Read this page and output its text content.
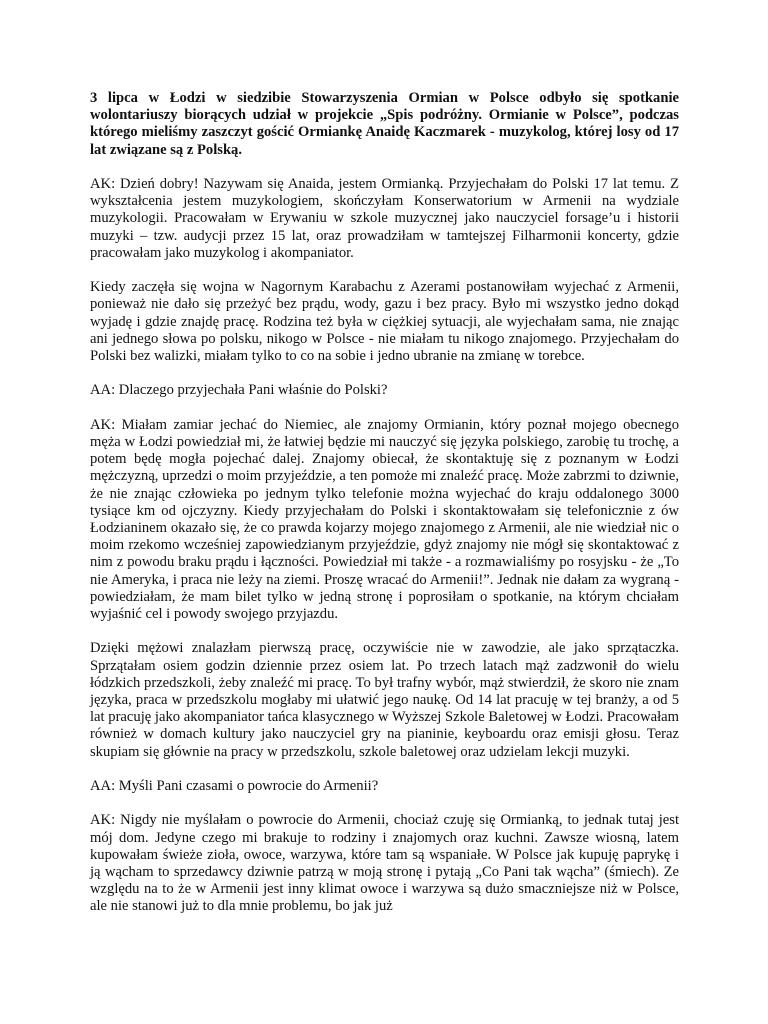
3 lipca w Łodzi w siedzibie Stowarzyszenia Ormian w Polsce odbyło się spotkanie wolontariuszy biorących udział w projekcie „Spis podróżny. Ormianie w Polsce”, podczas którego mieliśmy zaszczyt gościć Ormiankę Anaidę Kaczmarek - muzykolog, której losy od 17 lat związane są z Polską.

AK: Dzień dobry! Nazywam się Anaida, jestem Ormianką. Przyjechałam do Polski 17 lat temu. Z wykształcenia jestem muzykologiem, skończyłam Konserwatorium w Armenii na wydziale muzykologii. Pracowałam w Erywaniu w szkole muzycznej jako nauczyciel forsage’u i historii muzyki – tzw. audycji przez 15 lat, oraz prowadziłam w tamtejszej Filharmonii koncerty, gdzie pracowałam jako muzykolog i akompaniator.

Kiedy zaczęła się wojna w Nagornym Karabachu z Azerami postanowiłam wyjechać z Armenii, ponieważ nie dało się przeżyć bez prądu, wody, gazu i bez pracy. Było mi wszystko jedno dokąd wyjadę i gdzie znajdę pracę. Rodzina też była w ciężkiej sytuacji, ale wyjechałam sama, nie znając ani jednego słowa po polsku, nikogo w Polsce - nie miałam tu nikogo znajomego. Przyjechałam do Polski bez walizki, miałam tylko to co na sobie i jedno ubranie na zmianę w torebce.

AA: Dlaczego przyjechała Pani właśnie do Polski?

AK: Miałam zamiar jechać do Niemiec, ale znajomy Ormianin, który poznał mojego obecnego męża w Łodzi powiedział mi, że łatwiej będzie mi nauczyć się języka polskiego, zarobię tu trochę, a potem będę mogła pojechać dalej. Znajomy obiecał, że skontaktuję się z poznanym w Łodzi mężczyzną, uprzedzi o moim przyjeździe, a ten pomoże mi znaleźć pracę. Może zabrzmi to dziwnie, że nie znając człowieka po jednym tylko telefonie można wyjechać do kraju oddalonego 3000 tysiące km od ojczyzny. Kiedy przyjechałam do Polski i skontaktowałam się telefonicznie z ów Łodzianinem okazało się, że co prawda kojarzy mojego znajomego z Armenii, ale nie wiedział nic o moim rzekomo wcześniej zapowiedzianym przyjeździe, gdyż znajomy nie mógł się skontaktować z nim z powodu braku prądu i łączności. Powiedział mi także - a rozmawialiśmy po rosyjsku - że „To nie Ameryka, i praca nie leży na ziemi. Proszę wracać do Armenii!”. Jednak nie dałam za wygraną - powiedziałam, że mam bilet tylko w jedną stronę i poprosiłam o spotkanie, na którym chciałam wyjaśnić cel i powody swojego przyjazdu.

Dzięki mężowi znalazłam pierwszą pracę, oczywiście nie w zawodzie, ale jako sprzątaczka. Sprzątałam osiem godzin dziennie przez osiem lat. Po trzech latach mąż zadzwonił do wielu łódzkich przedszkoli, żeby znaleźć mi pracę. To był trafny wybór, mąż stwierdził, że skoro nie znam języka, praca w przedszkolu mogłaby mi ułatwić jego naukę. Od 14 lat pracuję w tej branży, a od 5 lat pracuję jako akompaniator tańca klasycznego w Wyższej Szkole Baletowej w Łodzi. Pracowałam również w domach kultury jako nauczyciel gry na pianinie, keyboardu oraz emisji głosu. Teraz skupiam się głównie na pracy w przedszkolu, szkole baletowej oraz udzielam lekcji muzyki.

AA: Myśli Pani czasami o powrocie do Armenii?

AK: Nigdy nie myślałam o powrocie do Armenii, chociaż czuję się Ormianką, to jednak tutaj jest mój dom. Jedyne czego mi brakuje to rodziny i znajomych oraz kuchni. Zawsze wiosną, latem kupowałam świeże zioła, owoce, warzywa, które tam są wspaniałe. W Polsce jak kupuję paprykę i ją wącham to sprzedawcy dziwnie patrzą w moją stronę i pytają „Co Pani tak wącha” (śmiech). Ze względu na to że w Armenii jest inny klimat owoce i warzywa są dużo smaczniejsze niż w Polsce, ale nie stanowi już to dla mnie problemu, bo jak już
